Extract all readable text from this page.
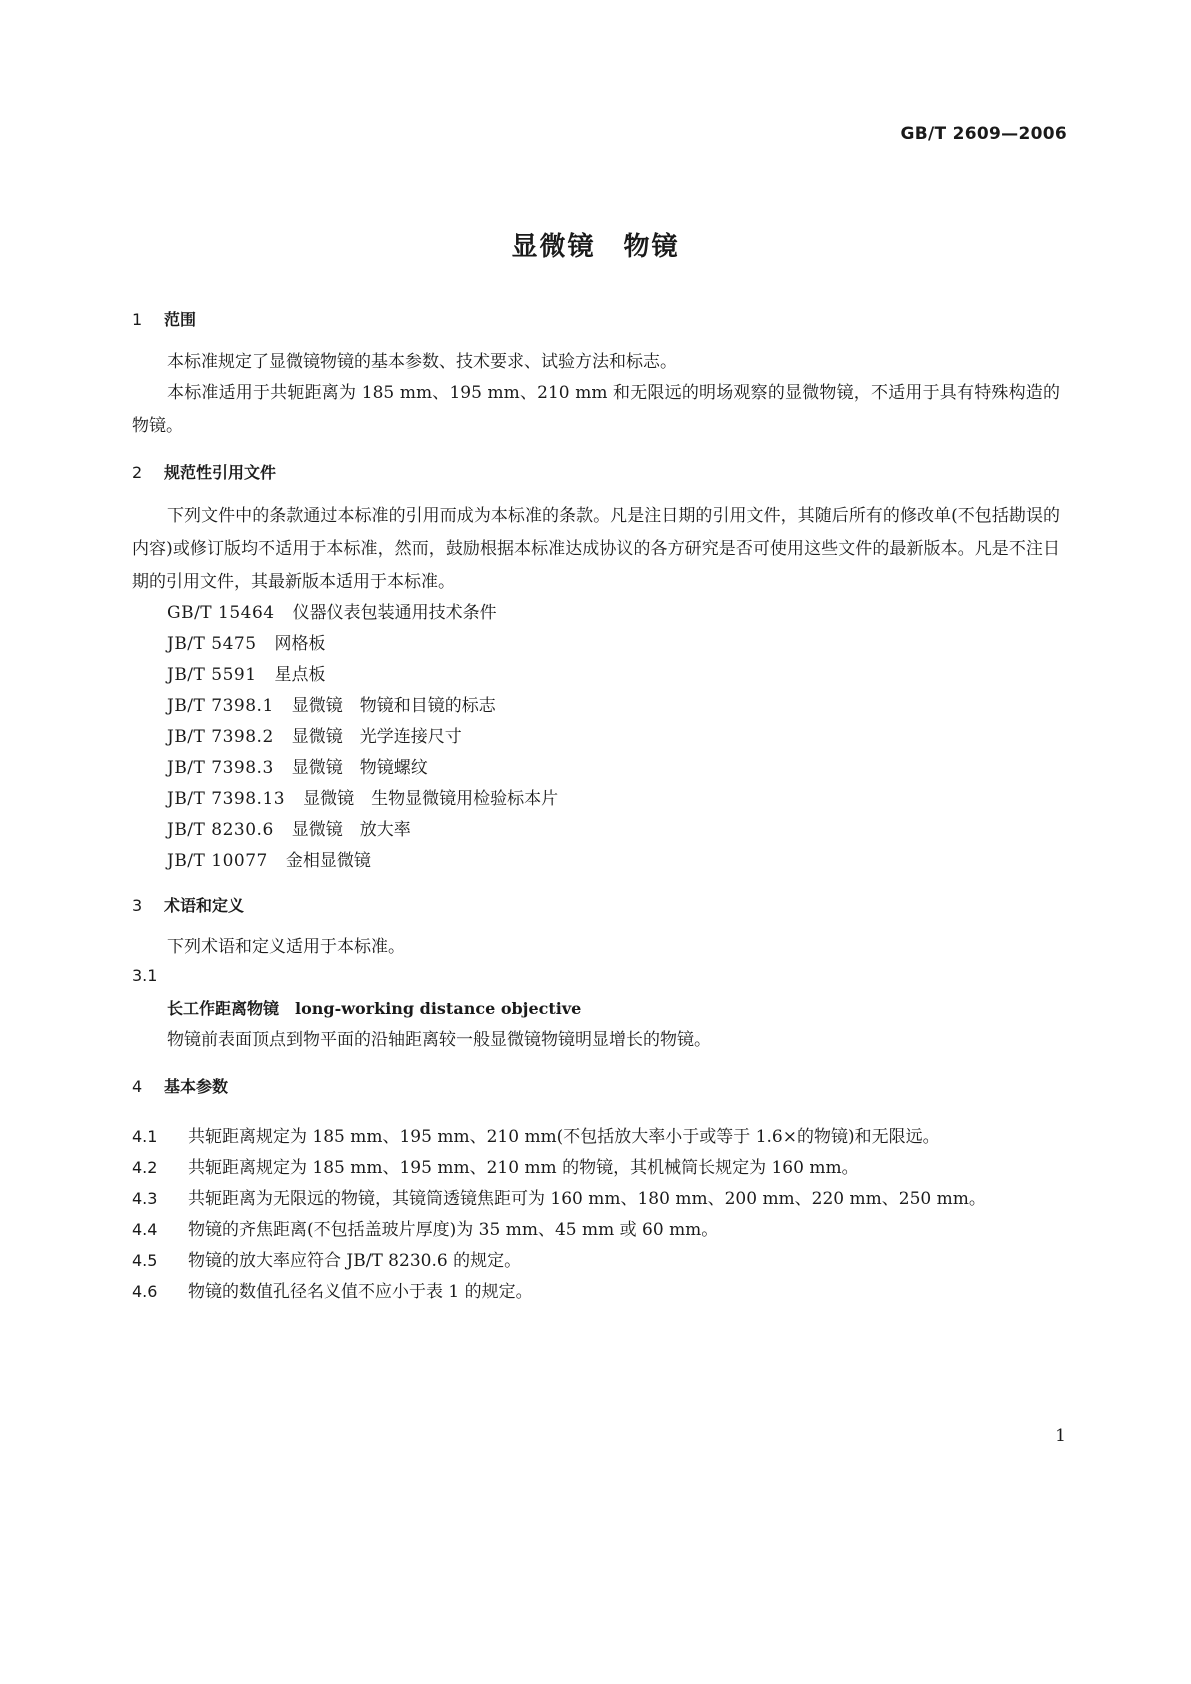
GB/T 2609—2006
显微镜　物镜
1 范围
本标准规定了显微镜物镜的基本参数、技术要求、试验方法和标志。
本标准适用于共轭距离为 185 mm、195 mm、210 mm 和无限远的明场观察的显微物镜，不适用于具有特殊构造的物镜。
2 规范性引用文件
下列文件中的条款通过本标准的引用而成为本标准的条款。凡是注日期的引用文件，其随后所有的修改单(不包括勘误的内容)或修订版均不适用于本标准，然而，鼓励根据本标准达成协议的各方研究是否可使用这些文件的最新版本。凡是不注日期的引用文件，其最新版本适用于本标准。
GB/T 15464 仪器仪表包装通用技术条件
JB/T 5475 网格板
JB/T 5591 星点板
JB/T 7398.1 显微镜　物镜和目镜的标志
JB/T 7398.2 显微镜　光学连接尺寸
JB/T 7398.3 显微镜　物镜螺纹
JB/T 7398.13 显微镜　生物显微镜用检验标本片
JB/T 8230.6 显微镜　放大率
JB/T 10077 金相显微镜
3 术语和定义
下列术语和定义适用于本标准。
3.1
长工作距离物镜 long-working distance objective
物镜前表面顶点到物平面的沿轴距离较一般显微镜物镜明显增长的物镜。
4 基本参数
4.1 共轭距离规定为 185 mm、195 mm、210 mm(不包括放大率小于或等于 1.6×的物镜)和无限远。
4.2 共轭距离规定为 185 mm、195 mm、210 mm 的物镜，其机械筒长规定为 160 mm。
4.3 共轭距离为无限远的物镜，其镜筒透镜焦距可为 160 mm、180 mm、200 mm、220 mm、250 mm。
4.4 物镜的齐焦距离(不包括盖玻片厚度)为 35 mm、45 mm 或 60 mm。
4.5 物镜的放大率应符合 JB/T 8230.6 的规定。
4.6 物镜的数值孔径名义值不应小于表 1 的规定。
1
